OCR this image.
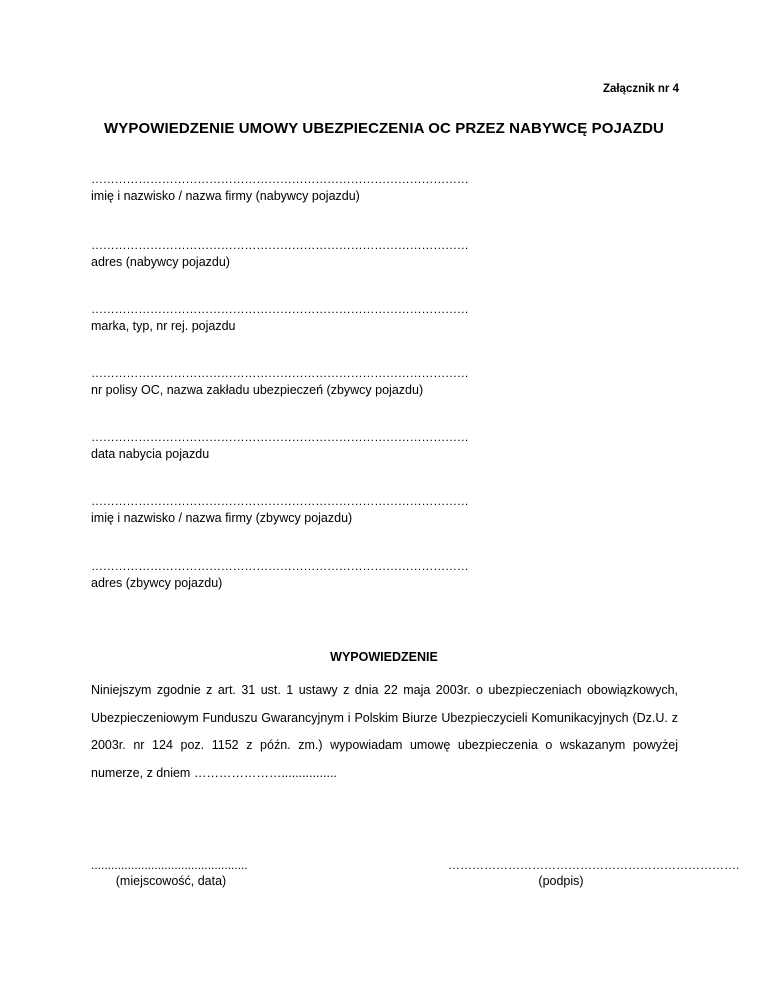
Załącznik nr 4
WYPOWIEDZENIE UMOWY UBEZPIECZENIA OC PRZEZ NABYWCĘ POJAZDU
……………………………………………………………………………………
imię i nazwisko / nazwa firmy (nabywcy pojazdu)
……………………………………………………………………………………
adres (nabywcy pojazdu)
……………………………………………………………………………………
marka, typ, nr rej. pojazdu
……………………………………………………………………………………
nr polisy OC, nazwa zakładu ubezpieczeń (zbywcy pojazdu)
……………………………………………………………………………………
data nabycia pojazdu
……………………………………………………………………………………
imię i nazwisko / nazwa firmy (zbywcy pojazdu)
……………………………………………………………………………………
adres (zbywcy pojazdu)
WYPOWIEDZENIE
Niniejszym zgodnie z art. 31 ust. 1 ustawy z dnia 22 maja 2003r. o ubezpieczeniach obowiązkowych, Ubezpieczeniowym Funduszu Gwarancyjnym i Polskim Biurze Ubezpieczycieli Komunikacyjnych (Dz.U. z 2003r. nr 124 poz. 1152 z późn. zm.) wypowiadam umowę ubezpieczenia o wskazanym powyżej numerze, z dniem …………………................
...............................................
(miejscowość, data)
……………………………………………………………….
(podpis)
